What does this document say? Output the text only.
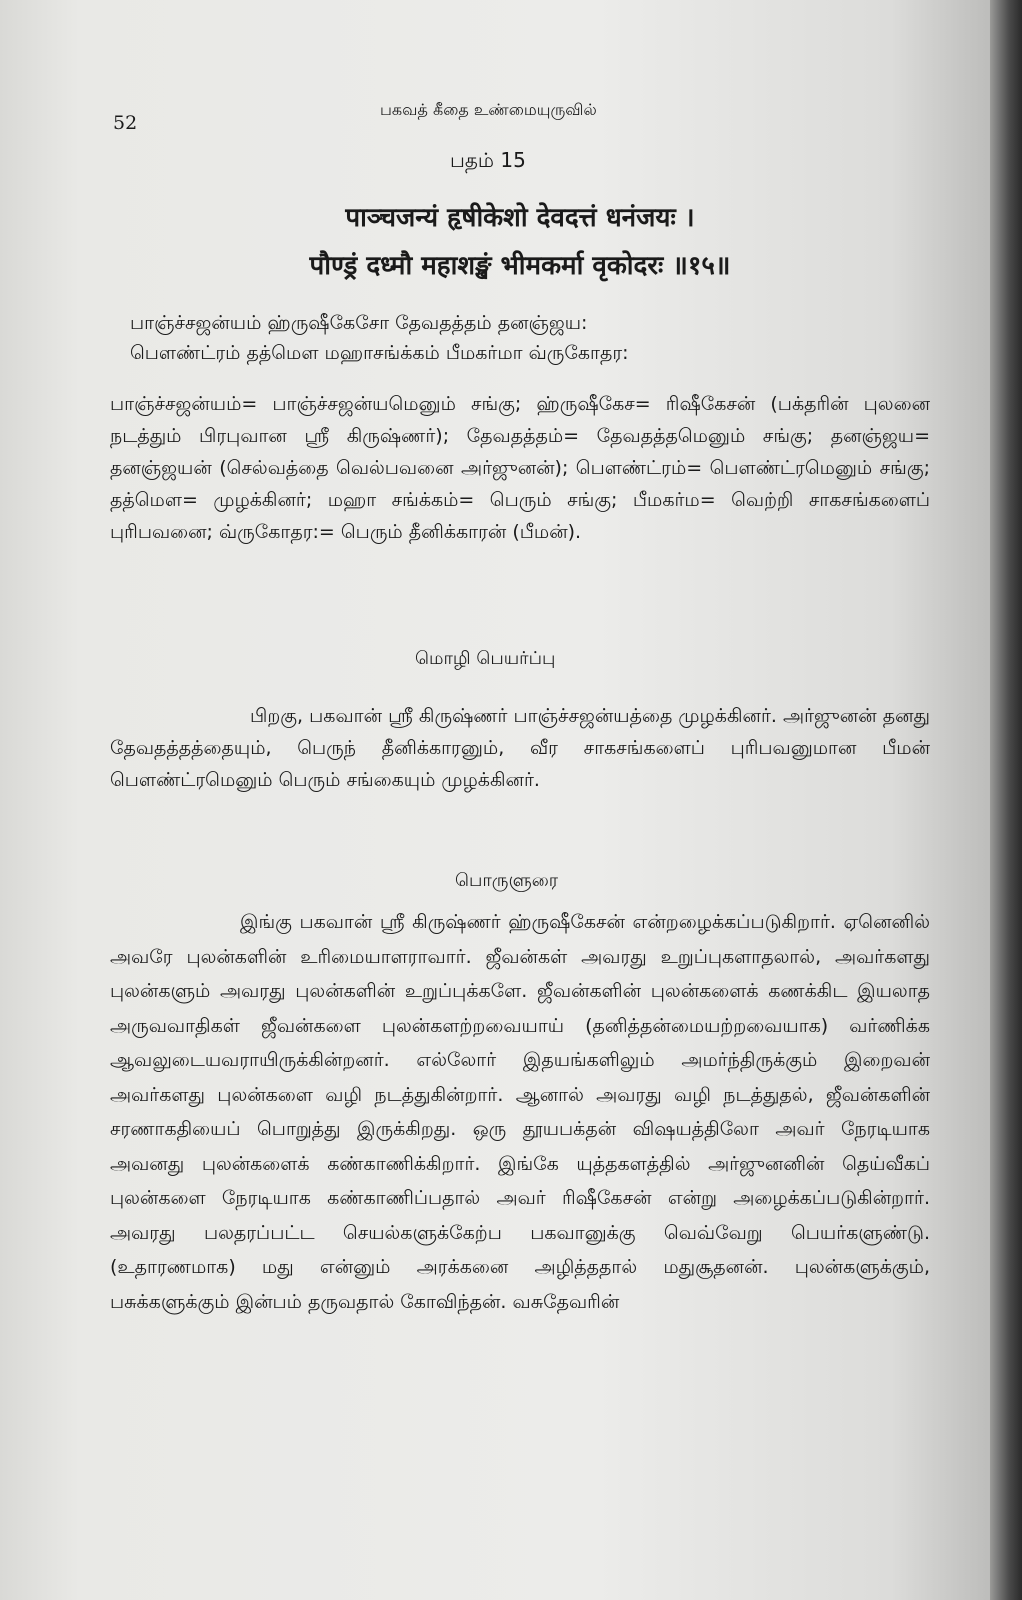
52
பகவத் கீதை உண்மையுருவில்
பதம் 15
पाञ्चजन्यं हृषीकेशो देवदत्तं धनंजयः ।
पौण्ड्रं दध्मौ महाशङ्खं भीमकर्मा वृकोदरः ॥१५॥
பாஞ்ச்சஜன்யம் ஹ்ருஷீகேசோ தேவதத்தம் தனஞ்ஜய:
பௌண்ட்ரம் தத்மௌ மஹாசங்க்கம் பீமகர்மா வ்ருகோதர:
பாஞ்ச்சஜன்யம்= பாஞ்ச்சஜன்யமெனும் சங்கு; ஹ்ருஷீகேச= ரிஷீகேசன் (பக்தரின் புலனை நடத்தும் பிரபுவான ஸ்ரீ கிருஷ்ணர்); தேவதத்தம்= தேவதத்தமெனும் சங்கு; தனஞ்ஜய= தனஞ்ஜயன் (செல்வத்தை வெல்பவனை அர்ஜுனன்); பௌண்ட்ரம்= பௌண்ட்ரமெனும் சங்கு; தத்மௌ= முழக்கினர்; மஹா சங்க்கம்= பெரும் சங்கு; பீமகர்ம= வெற்றி சாகசங்களைப் புரிபவனை; வ்ருகோதர:= பெரும் தீனிக்காரன் (பீமன்).
மொழி பெயர்ப்பு
பிறகு, பகவான் ஸ்ரீ கிருஷ்ணர் பாஞ்ச்சஜன்யத்தை முழக்கினர். அர்ஜுனன் தனது தேவதத்தத்தையும், பெருந் தீனிக்காரனும், வீர சாகசங்களைப் புரிபவனுமான பீமன் பௌண்ட்ரமெனும் பெரும் சங்கையும் முழக்கினர்.
பொருளுரை
இங்கு பகவான் ஸ்ரீ கிருஷ்ணர் ஹ்ருஷீகேசன் என்றழைக்கப்படுகிறார். ஏனெனில் அவரே புலன்களின் உரிமையாளராவார். ஜீவன்கள் அவரது உறுப்புகளாதலால், அவர்களது புலன்களும் அவரது புலன்களின் உறுப்புக்களே. ஜீவன்களின் புலன்களைக் கணக்கிட இயலாத அருவவாதிகள் ஜீவன்களை புலன்களற்றவையாய் (தனித்தன்மையற்றவையாக) வர்ணிக்க ஆவலுடையவராயிருக்கின்றனர். எல்லோர் இதயங்களிலும் அமர்ந்திருக்கும் இறைவன் அவர்களது புலன்களை வழி நடத்துகின்றார். ஆனால் அவரது வழி நடத்துதல், ஜீவன்களின் சரணாகதியைப் பொறுத்து இருக்கிறது. ஒரு தூயபக்தன் விஷயத்திலோ அவர் நேரடியாக அவனது புலன்களைக் கண்காணிக்கிறார். இங்கே யுத்தகளத்தில் அர்ஜுனனின் தெய்வீகப் புலன்களை நேரடியாக கண்காணிப்பதால் அவர் ரிஷீகேசன் என்று அழைக்கப்படுகின்றார். அவரது பலதரப்பட்ட செயல்களுக்கேற்ப பகவானுக்கு வெவ்வேறு பெயர்களுண்டு. (உதாரணமாக) மது என்னும் அரக்கனை அழித்ததால் மதுசூதனன். புலன்களுக்கும், பசுக்களுக்கும் இன்பம் தருவதால் கோவிந்தன். வசுதேவரின்
